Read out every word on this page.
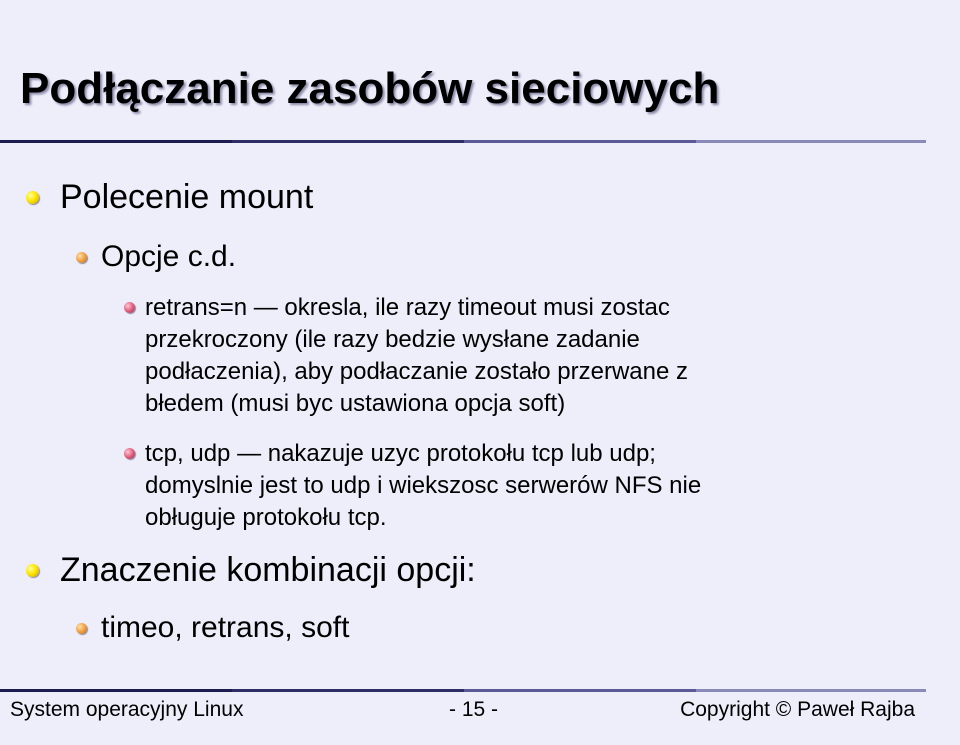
Podłączanie zasobów sieciowych
Polecenie mount
Opcje c.d.
retrans=n — okresla, ile razy timeout musi zostac
przekroczony (ile razy bedzie wysłane zadanie
podłaczenia), aby podłaczanie zostało przerwane z
błedem (musi byc ustawiona opcja soft)
tcp, udp — nakazuje uzyc protokołu tcp lub udp;
domyslnie jest to udp i wiekszosc serwerów NFS nie
obługuje protokołu tcp.
Znaczenie kombinacji opcji:
timeo, retrans, soft
System operacyjny Linux	- 15 -	Copyright © Paweł Rajba
